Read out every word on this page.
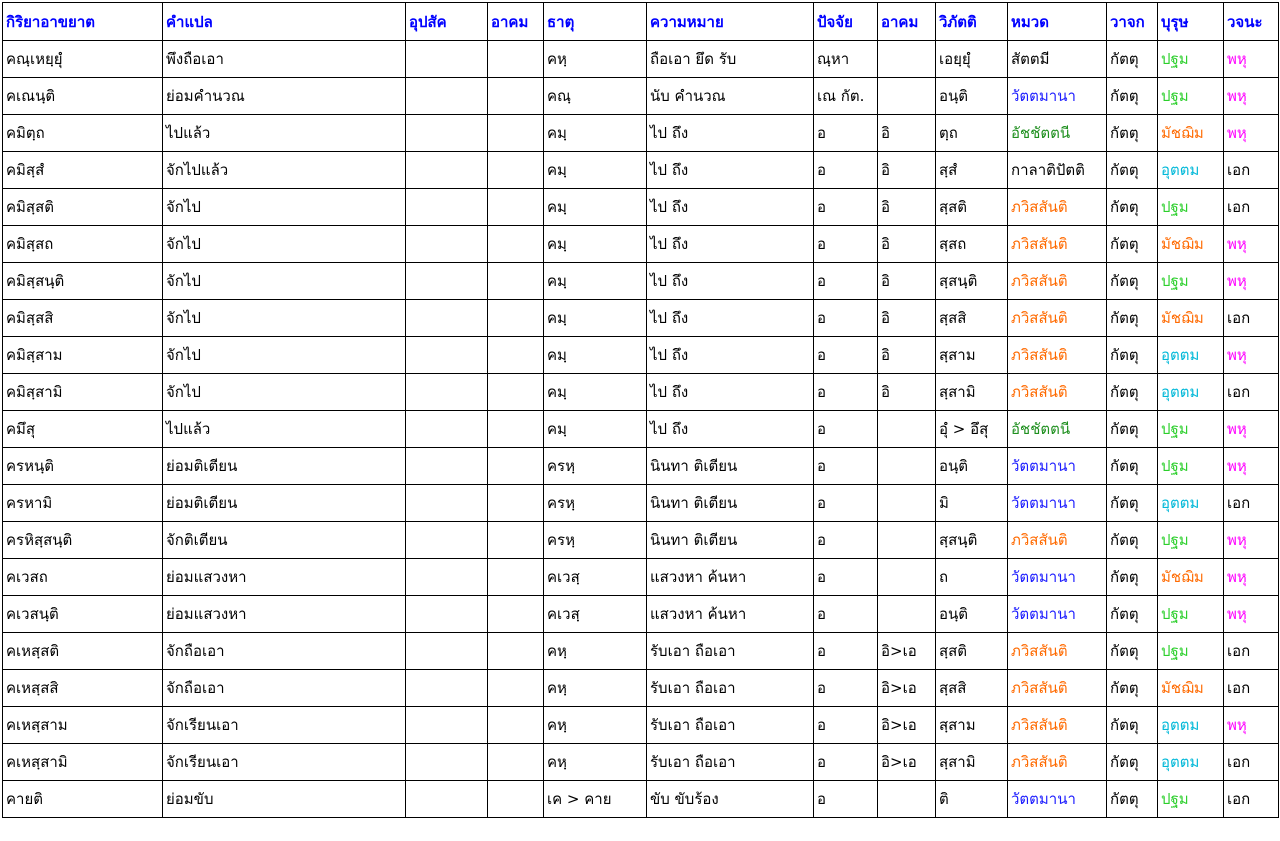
กิริยาอาขยาต	คำแปล	อุปสัค	อาคม	ธาตุ	ความหมาย	ปัจจัย	อาคม	วิภัตติ	หมวด	วาจก	บุรุษ	วจนะ
คณฺเหยฺยุํ	พึงถือเอา			คหฺ	ถือเอา ยึด รับ	ณฺหา		เอยฺยุํ	สัตตมี	กัตตุ	ปฐม	พหุ
คเณนฺติ	ย่อมคำนวณ			คณฺ	นับ คำนวณ	เณ กัต.		อนฺติ	วัตตมานา	กัตตุ	ปฐม	พหุ
คมิตฺถ	ไปแล้ว			คมฺ	ไป ถึง	อ	อิ	ตฺถ	อัชชัตตนี	กัตตุ	มัชฌิม	พหุ
คมิสฺสํ	จักไปแล้ว			คมฺ	ไป ถึง	อ	อิ	สฺสํ	กาลาติปัตติ	กัตตุ	อุตตม	เอก
คมิสฺสติ	จักไป			คมฺ	ไป ถึง	อ	อิ	สฺสติ	ภวิสสันติ	กัตตุ	ปฐม	เอก
คมิสฺสถ	จักไป			คมฺ	ไป ถึง	อ	อิ	สฺสถ	ภวิสสันติ	กัตตุ	มัชฌิม	พหุ
คมิสฺสนฺติ	จักไป			คมฺ	ไป ถึง	อ	อิ	สฺสนฺติ	ภวิสสันติ	กัตตุ	ปฐม	พหุ
คมิสฺสสิ	จักไป			คมฺ	ไป ถึง	อ	อิ	สฺสสิ	ภวิสสันติ	กัตตุ	มัชฌิม	เอก
คมิสฺสาม	จักไป			คมฺ	ไป ถึง	อ	อิ	สฺสาม	ภวิสสันติ	กัตตุ	อุตตม	พหุ
คมิสฺสามิ	จักไป			คมฺ	ไป ถึง	อ	อิ	สฺสามิ	ภวิสสันติ	กัตตุ	อุตตม	เอก
คมึสุ	ไปแล้ว			คมฺ	ไป ถึง	อ		อุํ > อึสุ	อัชชัตตนี	กัตตุ	ปฐม	พหุ
ครหนฺติ	ย่อมติเตียน			ครหฺ	นินทา ติเตียน	อ		อนฺติ	วัตตมานา	กัตตุ	ปฐม	พหุ
ครหามิ	ย่อมติเตียน			ครหฺ	นินทา ติเตียน	อ		มิ	วัตตมานา	กัตตุ	อุตตม	เอก
ครหิสฺสนฺติ	จักติเตียน			ครหฺ	นินทา ติเตียน	อ		สฺสนฺติ	ภวิสสันติ	กัตตุ	ปฐม	พหุ
คเวสถ	ย่อมแสวงหา			คเวสฺ	แสวงหา ค้นหา	อ		ถ	วัตตมานา	กัตตุ	มัชฌิม	พหุ
คเวสนฺติ	ย่อมแสวงหา			คเวสฺ	แสวงหา ค้นหา	อ		อนฺติ	วัตตมานา	กัตตุ	ปฐม	พหุ
คเหสฺสติ	จักถือเอา			คหฺ	รับเอา ถือเอา	อ	อิ>เอ	สฺสติ	ภวิสสันติ	กัตตุ	ปฐม	เอก
คเหสฺสสิ	จักถือเอา			คหฺ	รับเอา ถือเอา	อ	อิ>เอ	สฺสสิ	ภวิสสันติ	กัตตุ	มัชฌิม	เอก
คเหสฺสาม	จักเรียนเอา			คหฺ	รับเอา ถือเอา	อ	อิ>เอ	สฺสาม	ภวิสสันติ	กัตตุ	อุตตม	พหุ
คเหสฺสามิ	จักเรียนเอา			คหฺ	รับเอา ถือเอา	อ	อิ>เอ	สฺสามิ	ภวิสสันติ	กัตตุ	อุตตม	เอก
คายติ	ย่อมขับ			เค > คาย	ขับ ขับร้อง	อ		ติ	วัตตมานา	กัตตุ	ปฐม	เอก
